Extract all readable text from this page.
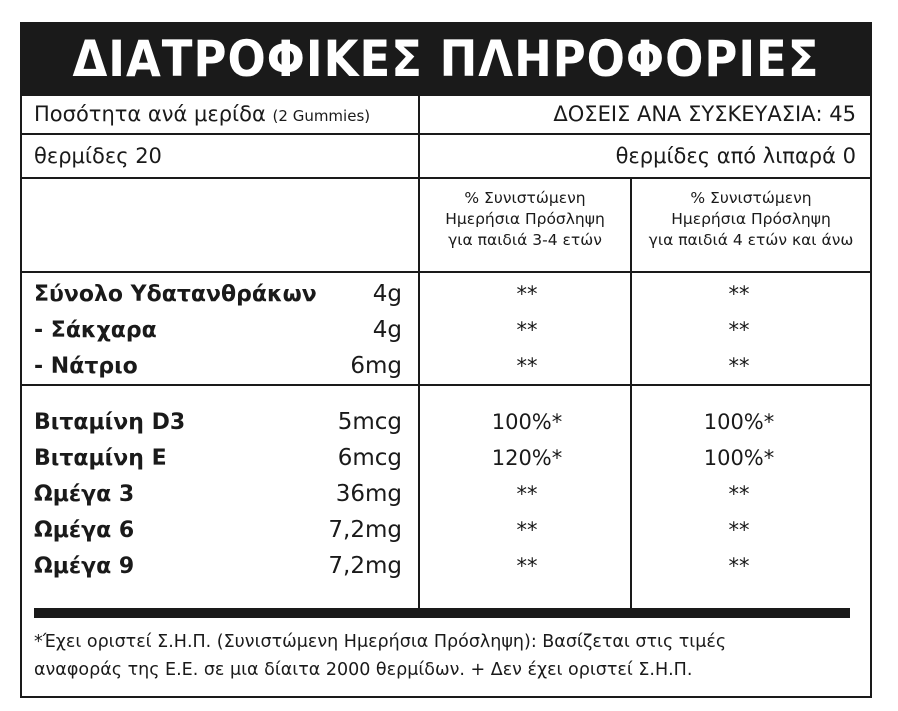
ΔΙΑΤΡΟΦΙΚΕΣ ΠΛΗΡΟΦΟΡΙΕΣ
Ποσότητα ανά μερίδα (2 Gummies)	ΔΟΣΕΙΣ ΑΝΑ ΣΥΣΚΕΥΑΣΙΑ: 45
θερμίδες 20	θερμίδες από λιπαρά 0
% Συνιστώμενη
Ημερήσια Πρόσληψη
για παιδιά 3-4 ετών
% Συνιστώμενη
Ημερήσια Πρόσληψη
για παιδιά 4 ετών και άνω
Σύνολο Υδατανθράκων 4g	**	**
- Σάκχαρα	4g	**	**
- Νάτριο	6mg	**	**
Βιταμίνη D3	5mcg	100%*	100%*
Βιταμίνη Ε	6mcg	120%*	100%*
Ωμέγα 3	36mg	**	**
Ωμέγα 6	7,2mg	**	**
Ωμέγα 9	7,2mg	**	**
*Έχει οριστεί Σ.Η.Π. (Συνιστώμενη Ημερήσια Πρόσληψη): Βασίζεται στις τιμές
αναφοράς της Ε.Ε. σε μια δίαιτα 2000 θερμίδων. + Δεν έχει οριστεί Σ.Η.Π.
